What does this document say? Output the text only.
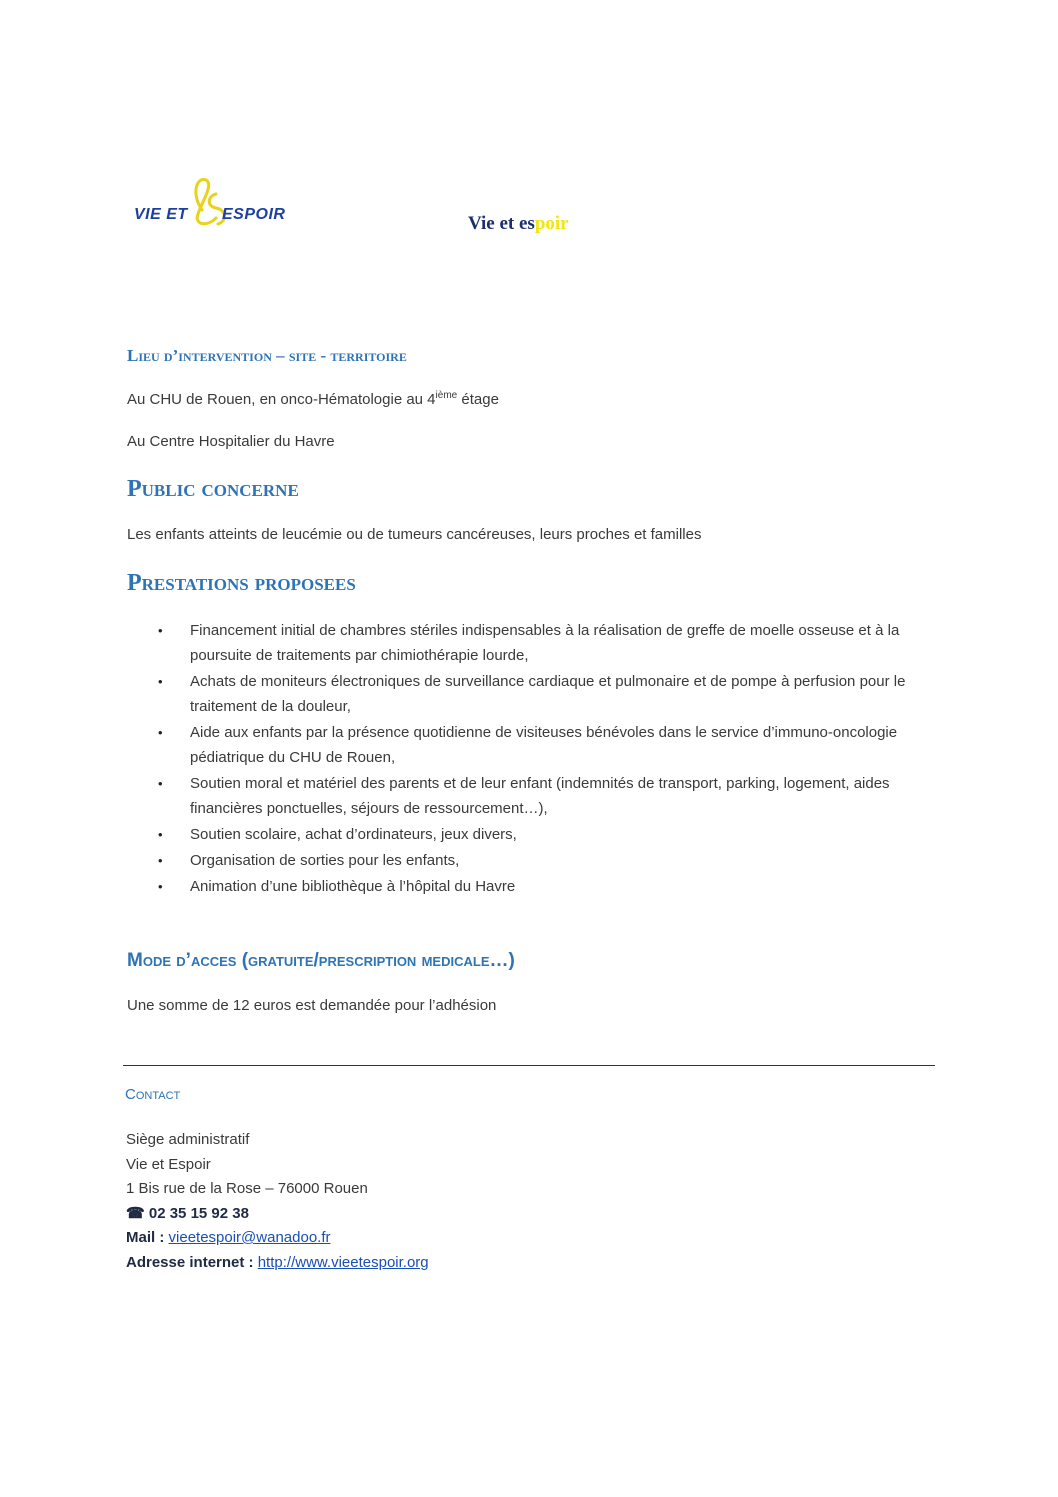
VIE ET ESPOIR	Vie et espoir
Lieu d’intervention – site - territoire
Au CHU de Rouen, en onco-Hématologie au 4ième étage
Au Centre Hospitalier du Havre
Public concerne
Les enfants atteints de leucémie ou de tumeurs cancéreuses, leurs proches et familles
Prestations proposees
• Financement initial de chambres stériles indispensables à la réalisation de greffe de moelle osseuse et à la poursuite de traitements par chimiothérapie lourde,
• Achats de moniteurs électroniques de surveillance cardiaque et pulmonaire et de pompe à perfusion pour le traitement de la douleur,
• Aide aux enfants par la présence quotidienne de visiteuses bénévoles dans le service d’immuno-oncologie pédiatrique du CHU de Rouen,
• Soutien moral et matériel des parents et de leur enfant (indemnités de transport, parking, logement, aides financières ponctuelles, séjours de ressourcement…),
• Soutien scolaire, achat d’ordinateurs, jeux divers,
• Organisation de sorties pour les enfants,
• Animation d’une bibliothèque à l’hôpital du Havre
Mode d’acces (gratuite/prescription medicale…)
Une somme de 12 euros est demandée pour l’adhésion
Contact
Siège administratif
Vie et Espoir
1 Bis rue de la Rose – 76000 Rouen
☎ 02 35 15 92 38
Mail : vieetespoir@wanadoo.fr
Adresse internet : http://www.vieetespoir.org
